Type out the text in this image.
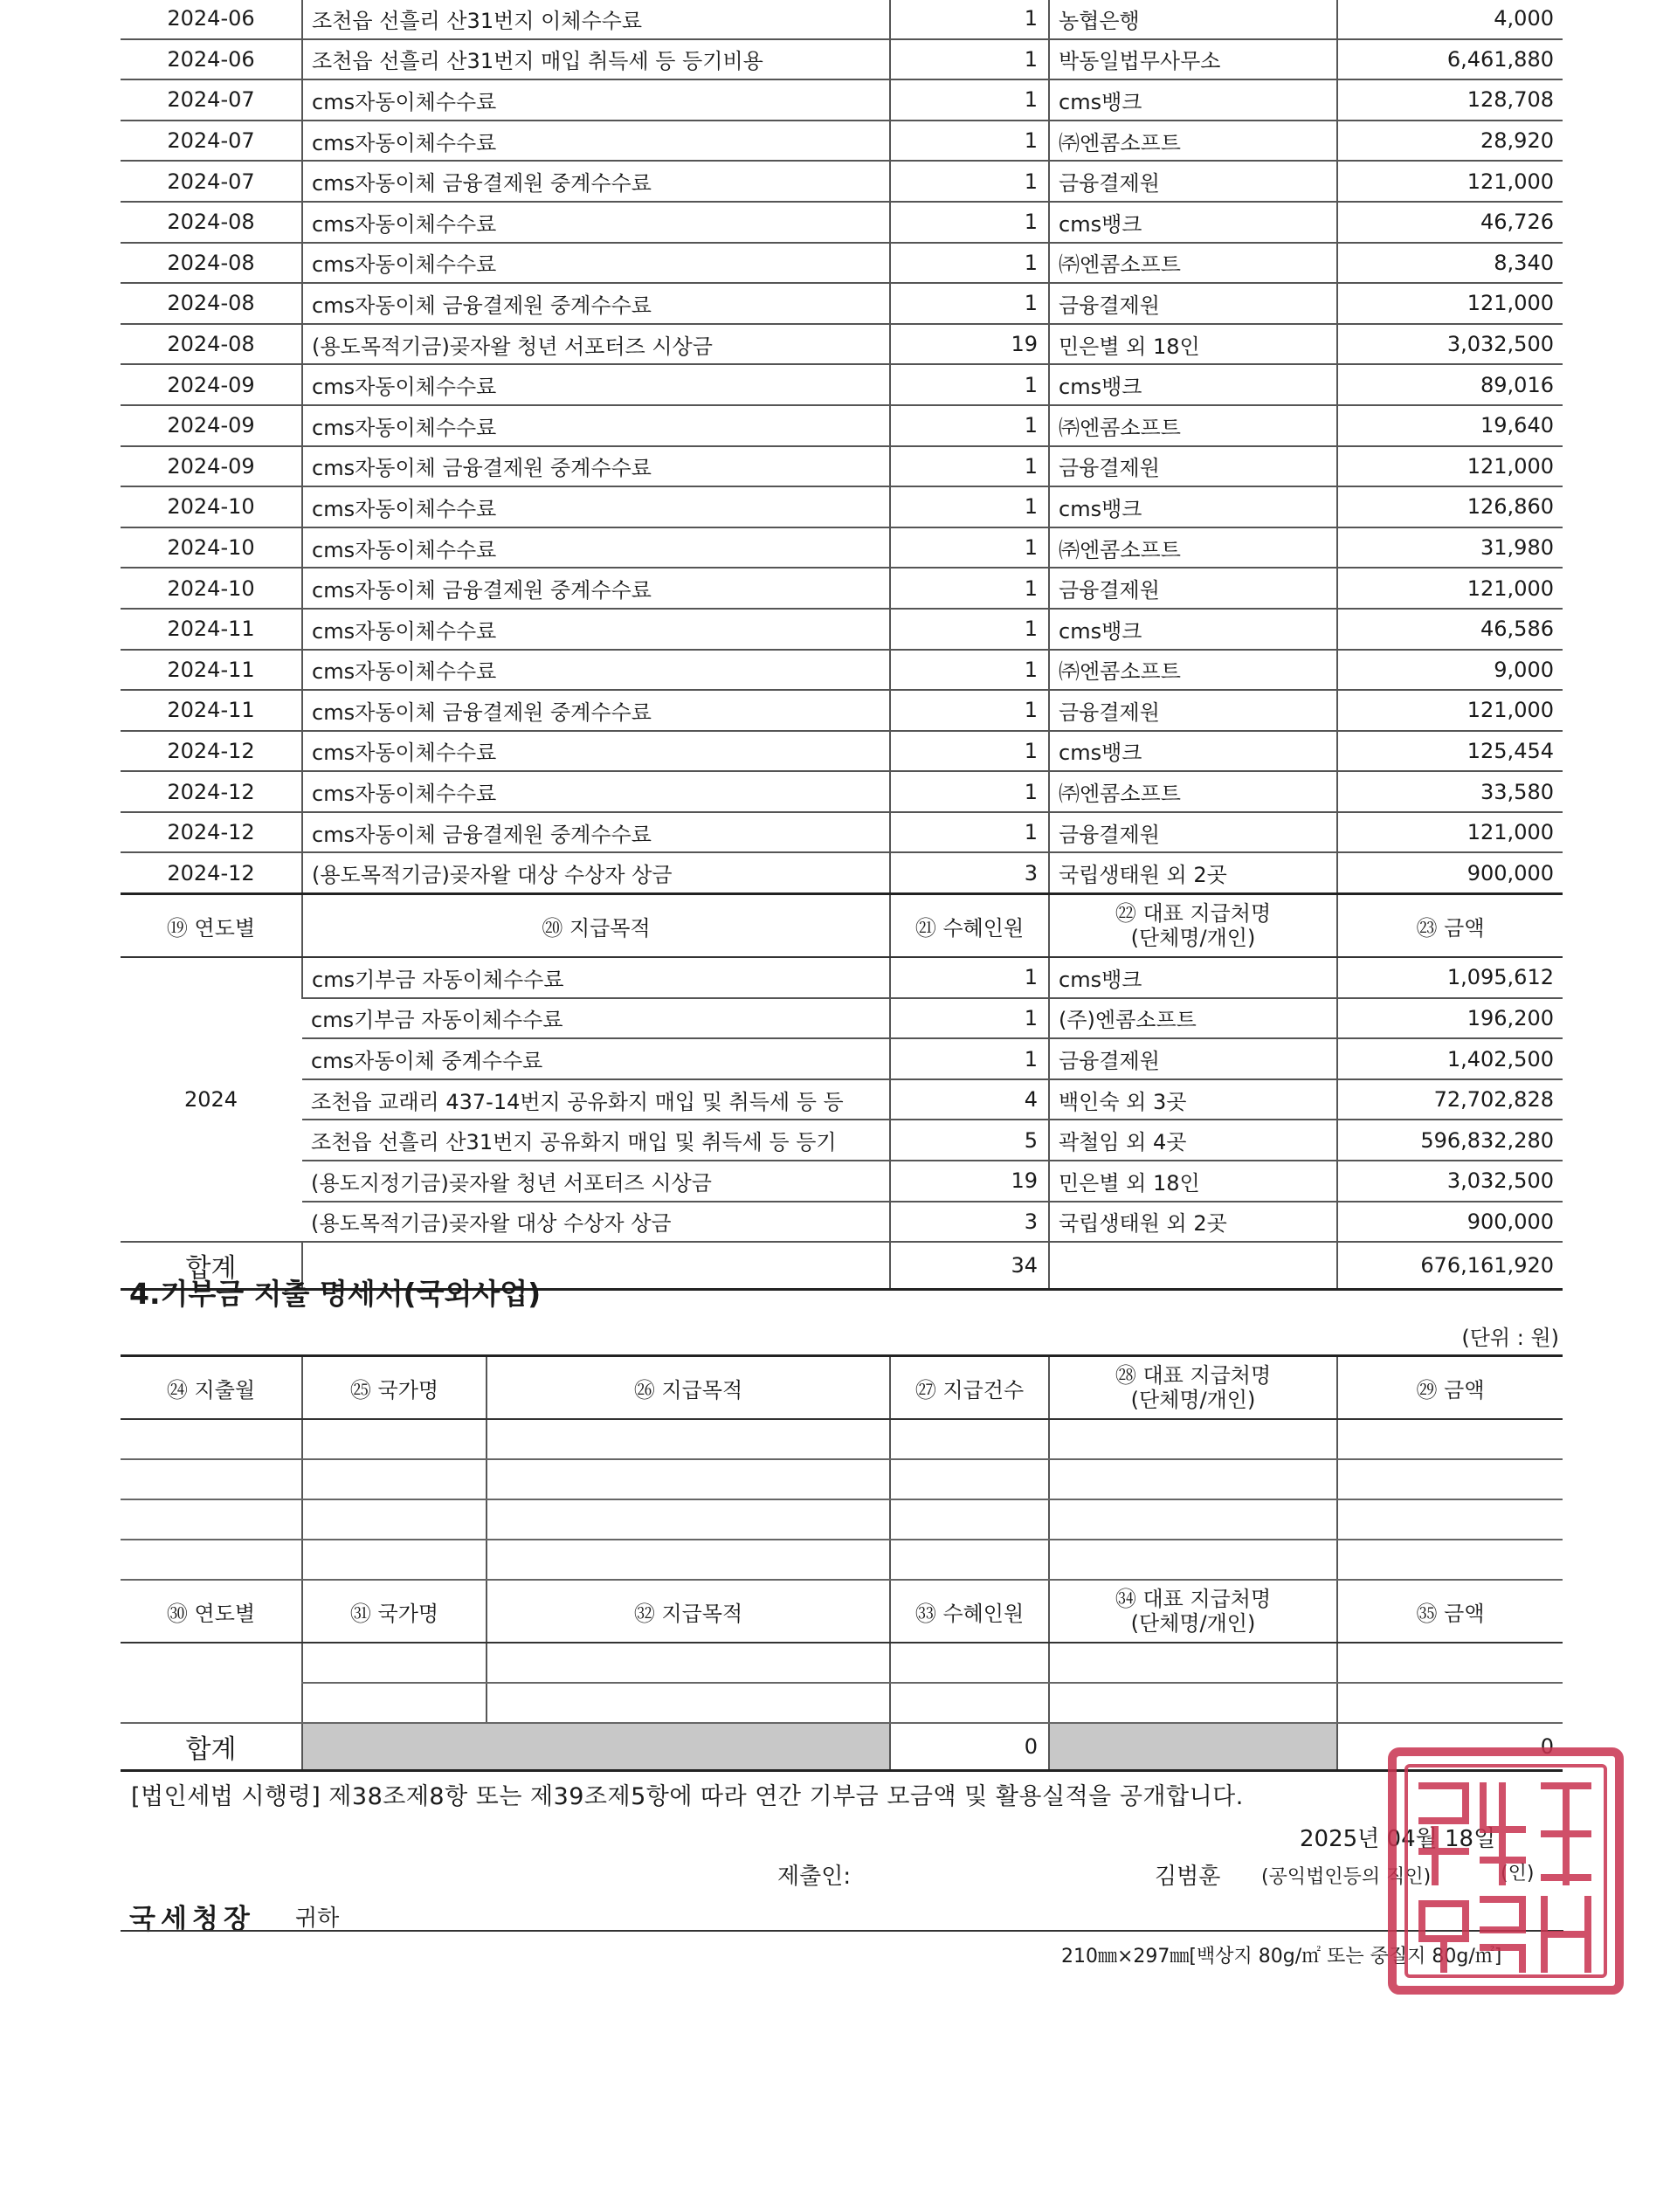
2024-06	조천읍 선흘리 산31번지 이체수수료	1	농협은행	4,000
2024-06	조천읍 선흘리 산31번지 매입 취득세 등 등기비용	1	박동일법무사무소	6,461,880
2024-07	cms자동이체수수료	1	cms뱅크	128,708
2024-07	cms자동이체수수료	1	㈜엔콤소프트	28,920
2024-07	cms자동이체 금융결제원 중계수수료	1	금융결제원	121,000
2024-08	cms자동이체수수료	1	cms뱅크	46,726
2024-08	cms자동이체수수료	1	㈜엔콤소프트	8,340
2024-08	cms자동이체 금융결제원 중계수수료	1	금융결제원	121,000
2024-08	(용도목적기금)곶자왈 청년 서포터즈 시상금	19	민은별 외 18인	3,032,500
2024-09	cms자동이체수수료	1	cms뱅크	89,016
2024-09	cms자동이체수수료	1	㈜엔콤소프트	19,640
2024-09	cms자동이체 금융결제원 중계수수료	1	금융결제원	121,000
2024-10	cms자동이체수수료	1	cms뱅크	126,860
2024-10	cms자동이체수수료	1	㈜엔콤소프트	31,980
2024-10	cms자동이체 금융결제원 중계수수료	1	금융결제원	121,000
2024-11	cms자동이체수수료	1	cms뱅크	46,586
2024-11	cms자동이체수수료	1	㈜엔콤소프트	9,000
2024-11	cms자동이체 금융결제원 중계수수료	1	금융결제원	121,000
2024-12	cms자동이체수수료	1	cms뱅크	125,454
2024-12	cms자동이체수수료	1	㈜엔콤소프트	33,580
2024-12	cms자동이체 금융결제원 중계수수료	1	금융결제원	121,000
2024-12	(용도목적기금)곶자왈 대상 수상자 상금	3	국립생태원 외 2곳	900,000
⑲ 연도별	⑳ 지급목적	㉑ 수혜인원	㉒ 대표 지급처명
(단체명/개인)	㉓ 금액
2024	cms기부금 자동이체수수료	1	cms뱅크	1,095,612
	cms기부금 자동이체수수료	1	(주)엔콤소프트	196,200
	cms자동이체 중계수수료	1	금융결제원	1,402,500
	조천읍 교래리 437-14번지 공유화지 매입 및 취득세 등 등	4	백인숙 외 3곳	72,702,828
	조천읍 선흘리 산31번지 공유화지 매입 및 취득세 등 등기	5	곽철임 외 4곳	596,832,280
	(용도지정기금)곶자왈 청년 서포터즈 시상금	19	민은별 외 18인	3,032,500
	(용도목적기금)곶자왈 대상 수상자 상금	3	국립생태원 외 2곳	900,000
합계		34		676,161,920
4.기부금 지출 명세서(국외사업)
(단위 : 원)
㉔ 지출월	㉕ 국가명	㉖ 지급목적	㉗ 지급건수	㉘ 대표 지급처명
(단체명/개인)	㉙ 금액

㉚ 연도별	㉛ 국가명	㉜ 지급목적	㉝ 수혜인원	㉞ 대표 지급처명
(단체명/개인)	㉟ 금액

합계			0		0
[법인세법 시행령] 제38조제8항 또는 제39조제5항에 따라 연간 기부금 모금액 및 활용실적을 공개합니다.
2025년 04월 18일
제출인:	김범훈 (공익법인등의 직인)	(인)
국세청장 귀하
210㎜×297㎜[백상지 80g/㎡ 또는 중질지 80g/㎡]
